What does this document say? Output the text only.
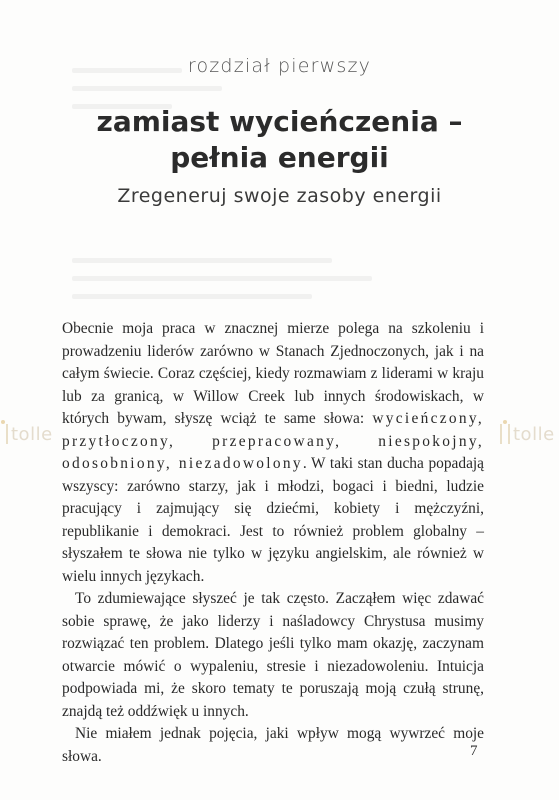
rozdział pierwszy
zamiast wycieńczenia –
pełnia energii
Zregeneruj swoje zasoby energii

Obecnie moja praca w znacznej mierze polega na szkoleniu i prowadzeniu liderów zarówno w Stanach Zjednoczonych, jak i na całym świecie. Coraz częściej, kiedy rozmawiam z liderami w kraju lub za granicą, w Willow Creek lub innych środowiskach, w których bywam, słyszę wciąż te same słowa: wycieńczony, przytłoczony, przepracowany, niespokojny, odosobniony, niezadowolony. W taki stan ducha popadają wszyscy: zarówno starzy, jak i młodzi, bogaci i biedni, ludzie pracujący i zajmujący się dziećmi, kobiety i mężczyźni, republikanie i demokraci. Jest to również problem globalny – słyszałem te słowa nie tylko w języku angielskim, ale również w wielu innych językach.

To zdumiewające słyszeć je tak często. Zacząłem więc zdawać sobie sprawę, że jako liderzy i naśladowcy Chrystusa musimy rozwiązać ten problem. Dlatego jeśli tylko mam okazję, zaczynam otwarcie mówić o wypaleniu, stresie i niezadowoleniu. Intuicja podpowiada mi, że skoro tematy te poruszają moją czułą strunę, znajdą też oddźwięk u innych.

Nie miałem jednak pojęcia, jaki wpływ mogą wywrzeć moje słowa.

tolle	tolle
7
